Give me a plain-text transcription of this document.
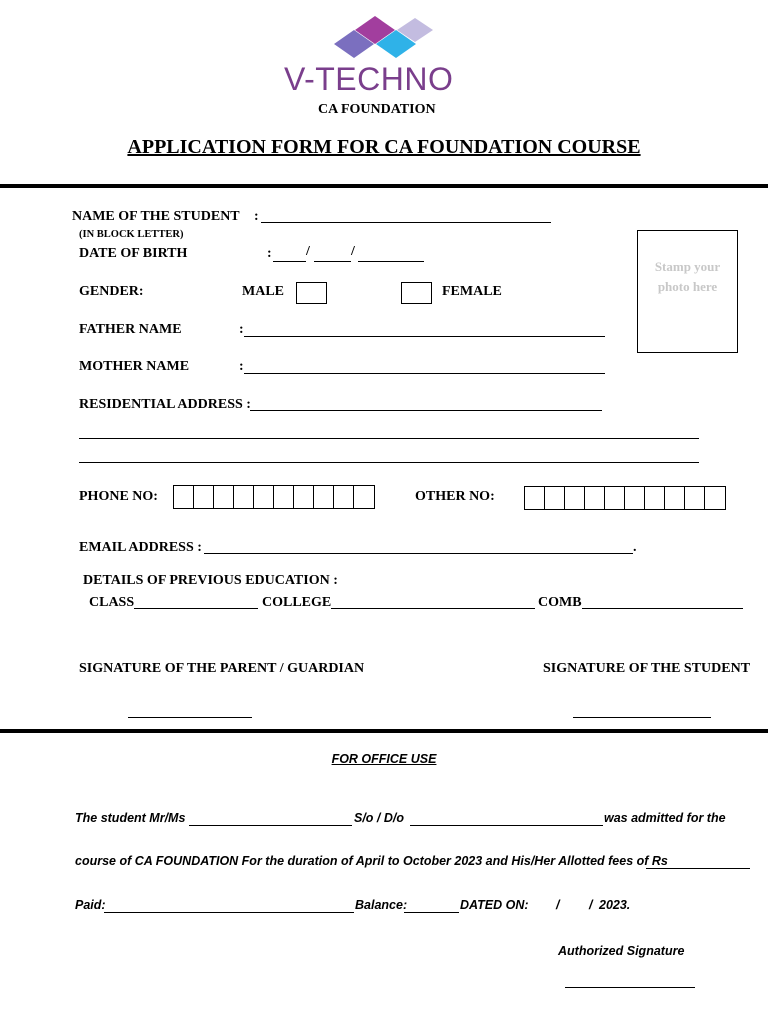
V-TECHNO
CA FOUNDATION
APPLICATION FORM FOR CA FOUNDATION COURSE
NAME OF THE STUDENT :
(IN BLOCK LETTER)
DATE OF BIRTH	: /	/
Stamp your photo here
GENDER:	MALE	FEMALE
FATHER NAME	:
MOTHER NAME	:
RESIDENTIAL ADDRESS :
PHONE NO:	OTHER NO:
EMAIL ADDRESS :	.
DETAILS OF PREVIOUS EDUCATION :
CLASS	COLLEGE	COMB
SIGNATURE OF THE PARENT / GUARDIAN	SIGNATURE OF THE STUDENT
FOR OFFICE USE
The student Mr/Ms	S/o / D/o	was admitted for the
course of CA FOUNDATION For the duration of April to October 2023 and His/Her Allotted fees of Rs
Paid:	Balance:	DATED ON: / / 2023.
Authorized Signature
